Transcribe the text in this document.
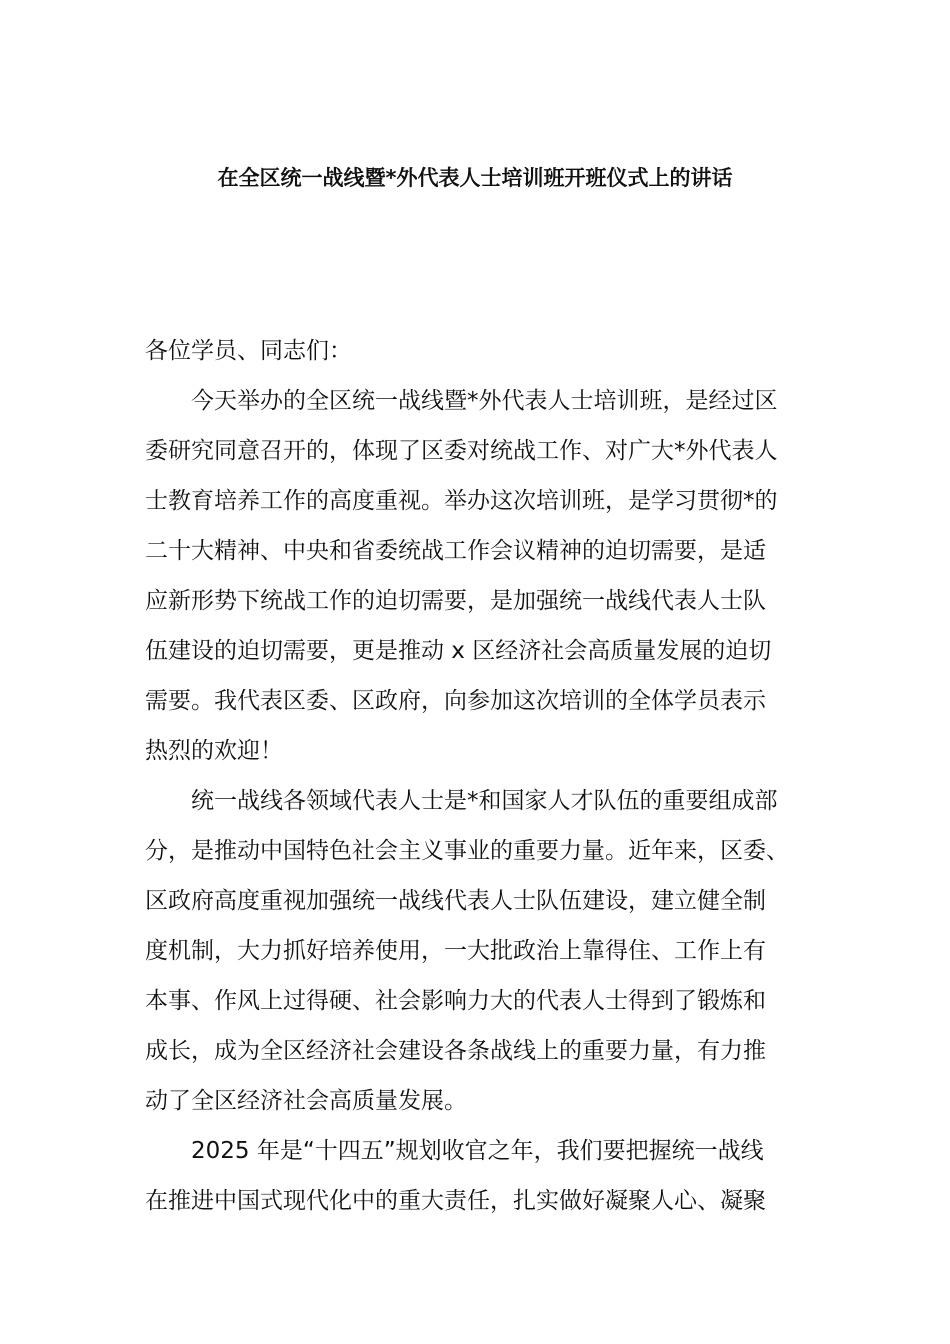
在全区统一战线暨*外代表人士培训班开班仪式上的讲话
各位学员、同志们：
今天举办的全区统一战线暨*外代表人士培训班，是经过区
委研究同意召开的，体现了区委对统战工作、对广大*外代表人
士教育培养工作的高度重视。举办这次培训班，是学习贯彻*的
二十大精神、中央和省委统战工作会议精神的迫切需要，是适
应新形势下统战工作的迫切需要，是加强统一战线代表人士队
伍建设的迫切需要，更是推动 x 区经济社会高质量发展的迫切
需要。我代表区委、区政府，向参加这次培训的全体学员表示
热烈的欢迎！
统一战线各领域代表人士是*和国家人才队伍的重要组成部
分，是推动中国特色社会主义事业的重要力量。近年来，区委、
区政府高度重视加强统一战线代表人士队伍建设，建立健全制
度机制，大力抓好培养使用，一大批政治上靠得住、工作上有
本事、作风上过得硬、社会影响力大的代表人士得到了锻炼和
成长，成为全区经济社会建设各条战线上的重要力量，有力推
动了全区经济社会高质量发展。
2025 年是“十四五”规划收官之年，我们要把握统一战线
在推进中国式现代化中的重大责任，扎实做好凝聚人心、凝聚
